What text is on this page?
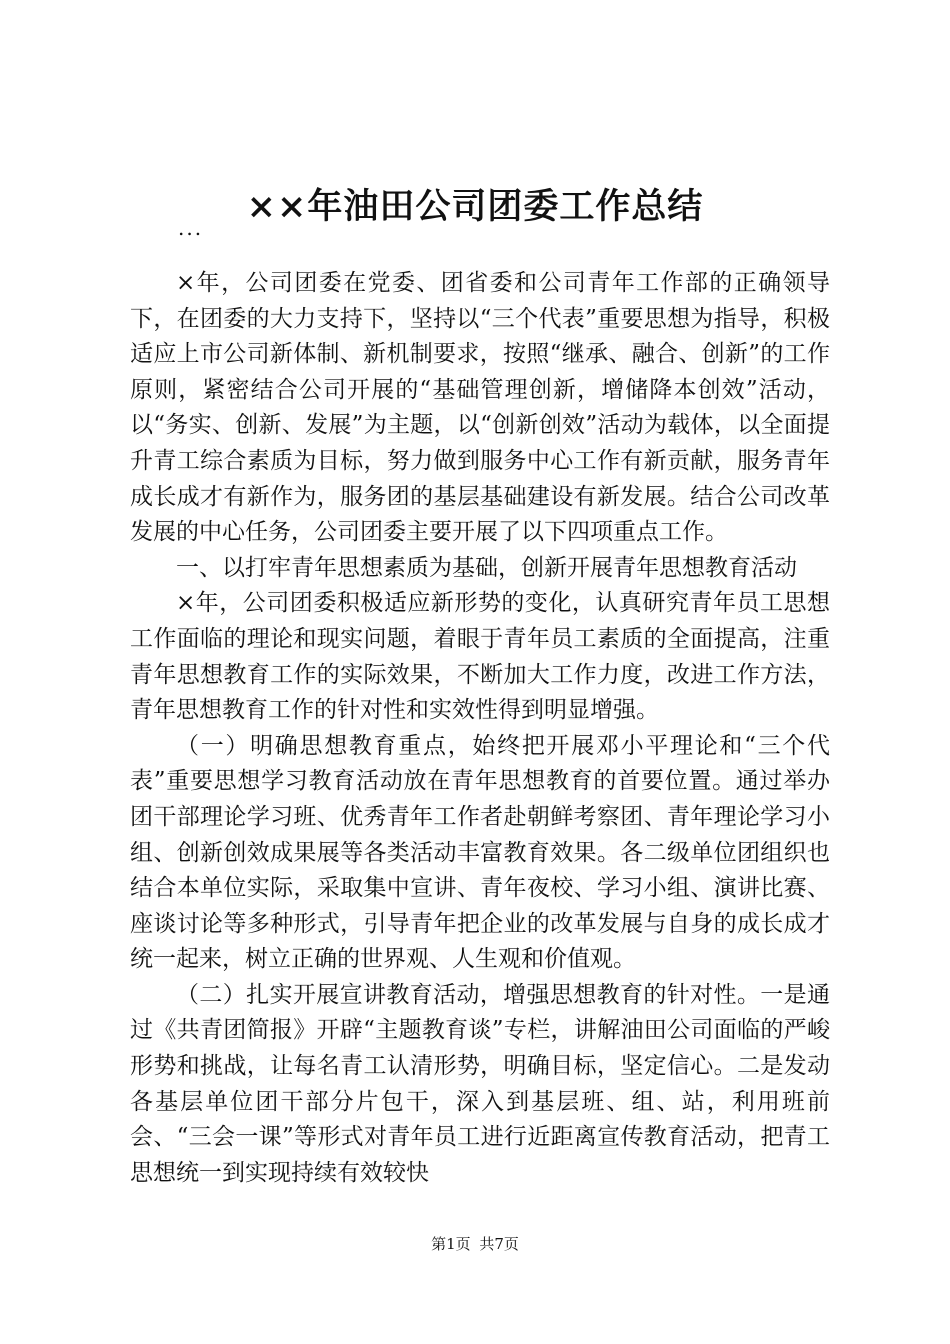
××年油田公司团委工作总结
...

×年，公司团委在党委、团省委和公司青年工作部的正确领导下，在团委的大力支持下，坚持以“三个代表”重要思想为指导，积极适应上市公司新体制、新机制要求，按照“继承、融合、创新”的工作原则，紧密结合公司开展的“基础管理创新，增储降本创效”活动，以“务实、创新、发展”为主题，以“创新创效”活动为载体，以全面提升青工综合素质为目标，努力做到服务中心工作有新贡献，服务青年成长成才有新作为，服务团的基层基础建设有新发展。结合公司改革发展的中心任务，公司团委主要开展了以下四项重点工作。

一、以打牢青年思想素质为基础，创新开展青年思想教育活动

×年，公司团委积极适应新形势的变化，认真研究青年员工思想工作面临的理论和现实问题，着眼于青年员工素质的全面提高，注重青年思想教育工作的实际效果，不断加大工作力度，改进工作方法，青年思想教育工作的针对性和实效性得到明显增强。

（一）明确思想教育重点，始终把开展邓小平理论和“三个代表”重要思想学习教育活动放在青年思想教育的首要位置。通过举办团干部理论学习班、优秀青年工作者赴朝鲜考察团、青年理论学习小组、创新创效成果展等各类活动丰富教育效果。各二级单位团组织也结合本单位实际，采取集中宣讲、青年夜校、学习小组、演讲比赛、座谈讨论等多种形式，引导青年把企业的改革发展与自身的成长成才统一起来，树立正确的世界观、人生观和价值观。

（二）扎实开展宣讲教育活动，增强思想教育的针对性。一是通过《共青团简报》开辟“主题教育谈”专栏，讲解油田公司面临的严峻形势和挑战，让每名青工认清形势，明确目标，坚定信心。二是发动各基层单位团干部分片包干，深入到基层班、组、站，利用班前会、“三会一课”等形式对青年员工进行近距离宣传教育活动，把青工思想统一到实现持续有效较快

第1页 共7页
